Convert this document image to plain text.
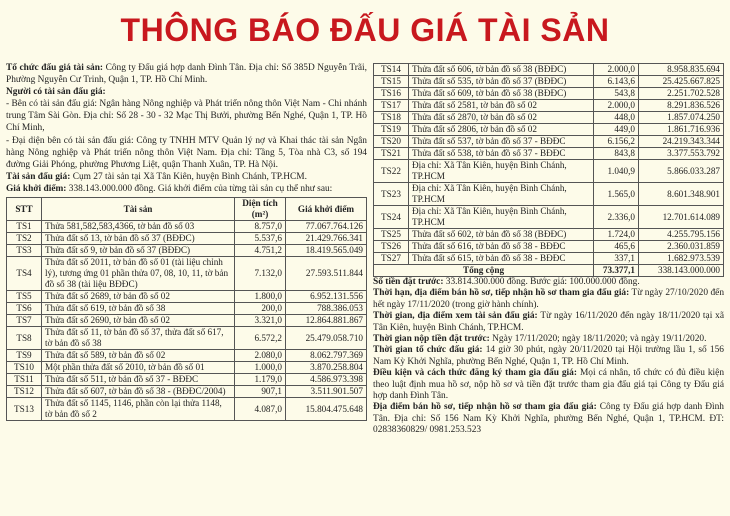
THÔNG BÁO ĐẤU GIÁ TÀI SẢN

Tổ chức đấu giá tài sản: Công ty Đấu giá hợp danh Đình Tân. Địa chỉ: Số 385D Nguyễn Trãi, Phường Nguyễn Cư Trinh, Quận 1, TP. Hồ Chí Minh.

Người có tài sản đấu giá:

- Bên có tài sản đấu giá: Ngân hàng Nông nghiệp và Phát triển nông thôn Việt Nam - Chi nhánh trung Tâm Sài Gòn. Địa chỉ: Số 28 - 30 - 32 Mạc Thị Bưởi, phường Bến Nghé, Quận 1, TP. Hồ Chí Minh,

- Đại diện bên có tài sản đấu giá: Công ty TNHH MTV Quản lý nợ và Khai thác tài sản Ngân hàng Nông nghiệp và Phát triển nông thôn Việt Nam. Địa chỉ: Tầng 5, Tòa nhà C3, số 194 đường Giải Phóng, phường Phương Liệt, quận Thanh Xuân, TP. Hà Nội.

Tài sản đấu giá: Cụm 27 tài sản tại Xã Tân Kiên, huyện Bình Chánh, TP.HCM.

Giá khởi điểm: 338.143.000.000 đồng. Giá khởi điểm của từng tài sản cụ thể như sau:

STT	Tài sản	Diện tích (m²)	Giá khởi điểm
TS1	Thửa 581,582,583,4366, tờ bản đồ số 03	8.757,0	77.067.764.126
TS2	Thửa đất số 13, tờ bản đồ số 37 (BĐĐC)	5.537,6	21.429.766.341
TS3	Thửa đất số 9, tờ bản đồ số 37 (BĐĐC)	4.751,2	18.419.565.049
TS4	Thửa đất số 2011, tờ bản đồ số 01 (tài liệu chỉnh lý), tương ứng 01 phần thửa 07, 08, 10, 11, tờ bản đồ số 38 (tài liệu BĐĐC)	7.132,0	27.593.511.844
TS5	Thửa đất số 2689, tờ bản đồ số 02	1.800,0	6.952.131.556
TS6	Thửa đất số 619, tờ bản đồ số 38	200,0	788.386.053
TS7	Thửa đất số 2690, tờ bản đồ số 02	3.321,0	12.864.881.867
TS8	Thửa đất số 11, tờ bản đồ số 37, thửa đất số 617, tờ bản đồ số 38	6.572,2	25.479.058.710
TS9	Thửa đất số 589, tờ bản đồ số 02	2.080,0	8.062.797.369
TS10	Một phần thửa đất số 2010, tờ bản đồ số 01	1.000,0	3.870.258.804
TS11	Thửa đất số 511, tờ bản đồ số 37 - BĐĐC	1.179,0	4.586.973.398
TS12	Thửa đất số 607, tờ bản đồ số 38 - (BĐĐC/2004)	907,1	3.511.901.507
TS13	Thửa đất số 1145, 1146, phần còn lại thửa 1148, tờ bản đồ số 2	4.087,0	15.804.475.648
TS14	Thửa đất số 606, tờ bản đồ số 38 (BĐĐC)	2.000,0	8.958.835.694
TS15	Thửa đất số 535, tờ bản đồ số 37 (BĐĐC)	6.143,6	25.425.667.825
TS16	Thửa đất số 609, tờ bản đồ số 38 (BĐĐC)	543,8	2.251.702.528
TS17	Thửa đất số 2581, tờ bản đồ số 02	2.000,0	8.291.836.526
TS18	Thửa đất số 2870, tờ bản đồ số 02	448,0	1.857.074.250
TS19	Thửa đất số 2806, tờ bản đồ số 02	449,0	1.861.716.936
TS20	Thửa đất số 537, tờ bản đồ số 37 - BĐĐC	6.156,2	24.219.343.344
TS21	Thửa đất số 538, tờ bản đồ số 37 - BĐĐC	843,8	3.377.553.792
TS22	Địa chỉ: Xã Tân Kiên, huyện Bình Chánh, TP.HCM	1.040,9	5.866.033.287
TS23	Địa chỉ: Xã Tân Kiên, huyện Bình Chánh, TP.HCM	1.565,0	8.601.348.901
TS24	Địa chỉ: Xã Tân Kiên, huyện Bình Chánh, TP.HCM	2.336,0	12.701.614.089
TS25	Thửa đất số 602, tờ bản đồ số 38 (BĐĐC)	1.724,0	4.255.795.156
TS26	Thửa đất số 616, tờ bản đồ số 38 - BĐĐC	465,6	2.360.031.859
TS27	Thửa đất số 615, tờ bản đồ số 38 - BĐĐC	337,1	1.682.973.539
Tổng cộng		73.377,1	338.143.000.000

Số tiền đặt trước: 33.814.300.000 đồng. Bước giá: 100.000.000 đồng.

Thời hạn, địa điểm bán hồ sơ, tiếp nhận hồ sơ tham gia đấu giá: Từ ngày 27/10/2020 đến hết ngày 17/11/2020 (trong giờ hành chính).

Thời gian, địa điểm xem tài sản đấu giá: Từ ngày 16/11/2020 đến ngày 18/11/2020 tại xã Tân Kiên, huyện Bình Chánh, TP.HCM.

Thời gian nộp tiền đặt trước: Ngày 17/11/2020; ngày 18/11/2020; và ngày 19/11/2020.

Thời gian tổ chức đấu giá: 14 giờ 30 phút, ngày 20/11/2020 tại Hội trường lầu 1, số 156 Nam Kỳ Khởi Nghĩa, phường Bến Nghé, Quận 1, TP. Hồ Chí Minh.

Điều kiện và cách thức đăng ký tham gia đấu giá: Mọi cá nhân, tổ chức có đủ điều kiện theo luật định mua hồ sơ, nộp hồ sơ và tiền đặt trước tham gia đấu giá tại Công ty Đấu giá hợp danh Đình Tân.

Địa điểm bán hồ sơ, tiếp nhận hồ sơ tham gia đấu giá: Công ty Đấu giá hợp danh Đình Tân. Địa chỉ: Số 156 Nam Kỳ Khởi Nghĩa, phường Bến Nghé, Quận 1, TP.HCM. ĐT: 02838360829/ 0981.253.523
